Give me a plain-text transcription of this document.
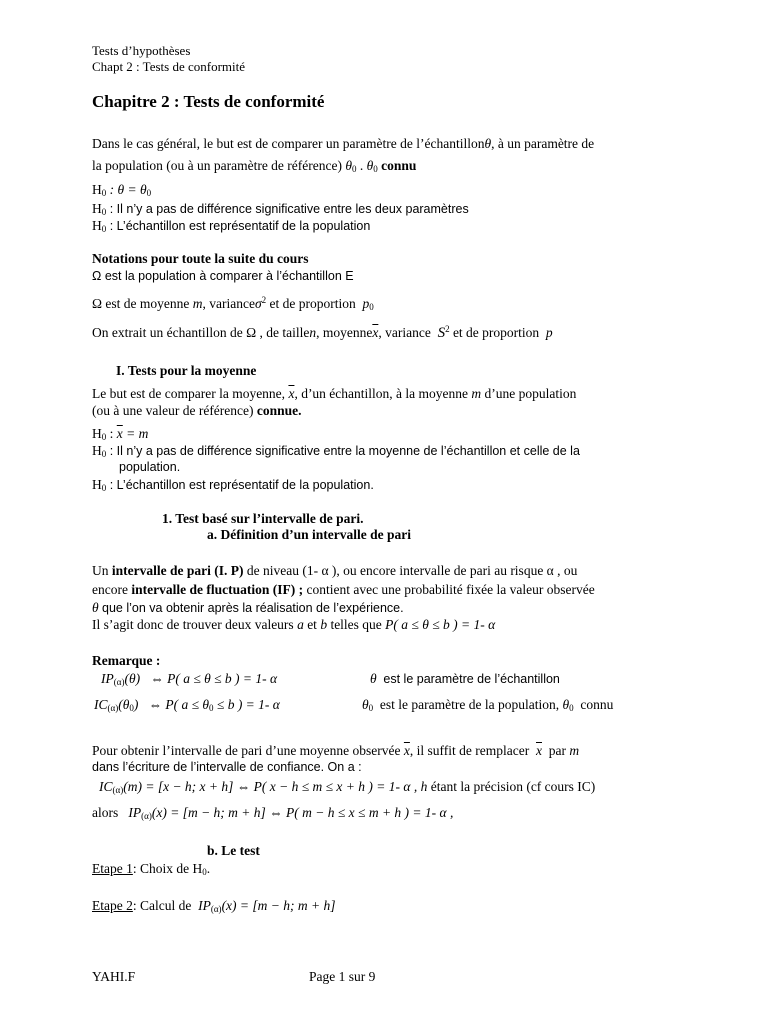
Tests d’hypothèses
Chapt 2 : Tests de conformité
Chapitre 2 : Tests de conformité
Dans le cas général, le but est de comparer un paramètre de l’échantillonθ, à un paramètre de
la population (ou à un paramètre de référence) $\theta_0$ . $\theta_0$ connu
$H_0$ : $\theta = \theta_0$
$H_0$ : Il n’y a pas de différence significative entre les deux paramètres
$H_0$ : L’échantillon est représentatif de la population
Notations pour toute la suite du cours
Ω est la population à comparer à l’échantillon E
Ω est de moyenne m, varianceσ$^2$ et de proportion $p_0$
On extrait un échantillon de Ω , de taillen, $moyenne\overline{x}$, variance $S^2$ et de proportion p
I. Tests pour la moyenne
Le but est de comparer la moyenne, $\overline{x}$, d’un échantillon, à la moyenne m d’une population
(ou à une valeur de référence) connue.
$H_0$ : $\overline{x} = m$
$H_0$ : Il n’y a pas de différence significative entre la moyenne de l’échantillon et celle de la
population.
$H_0$ : L’échantillon est représentatif de la population.
1. Test basé sur l’intervalle de pari.
a. Définition d’un intervalle de pari
Un intervalle de pari (I. P) de niveau (1- α ), ou encore intervalle de pari au risque α , ou
encore intervalle de fluctuation (IF) ; contient avec une probabilité fixée la valeur observée
θ que l’on va obtenir après la réalisation de l’expérience.
Il s’agit donc de trouver deux valeurs a et b telles que P( a ≤ θ ≤ b ) = 1- α
Remarque :
$IP_{(\alpha)}(\theta)$ ⇔ P( a ≤ θ ≤ b ) = 1- α	θ est le paramètre de l’échantillon
$IC_{(\alpha)}(\theta_0)$ ⇔ P( $a \le \theta_0 \le b$ ) = 1- α	$\theta_0$ est le paramètre de la population, $\theta_0$ connu
Pour obtenir l’intervalle de pari d’une moyenne observée $\overline{x}$, il suffit de remplacer $\overline{x}$ par m
dans l’écriture de l’intervalle de confiance. On a :
$IC_{(\alpha)}(m) = [x - h$; x + h] ⇔ P( x − h ≤ m ≤ x + h ) = 1- α , h étant la précision (cf cours IC)
alors $IP_{(\alpha)}(x) = [m - h$; m + h] ⇔ P( m − h ≤ x ≤ m + h ) = 1- α ,
b. Le test
Etape 1: Choix de $H_0$.
Etape 2: Calcul de $IP_{(\alpha)}(x) = [m - h$; m + h]
YAHI.F	Page 1 sur 9
